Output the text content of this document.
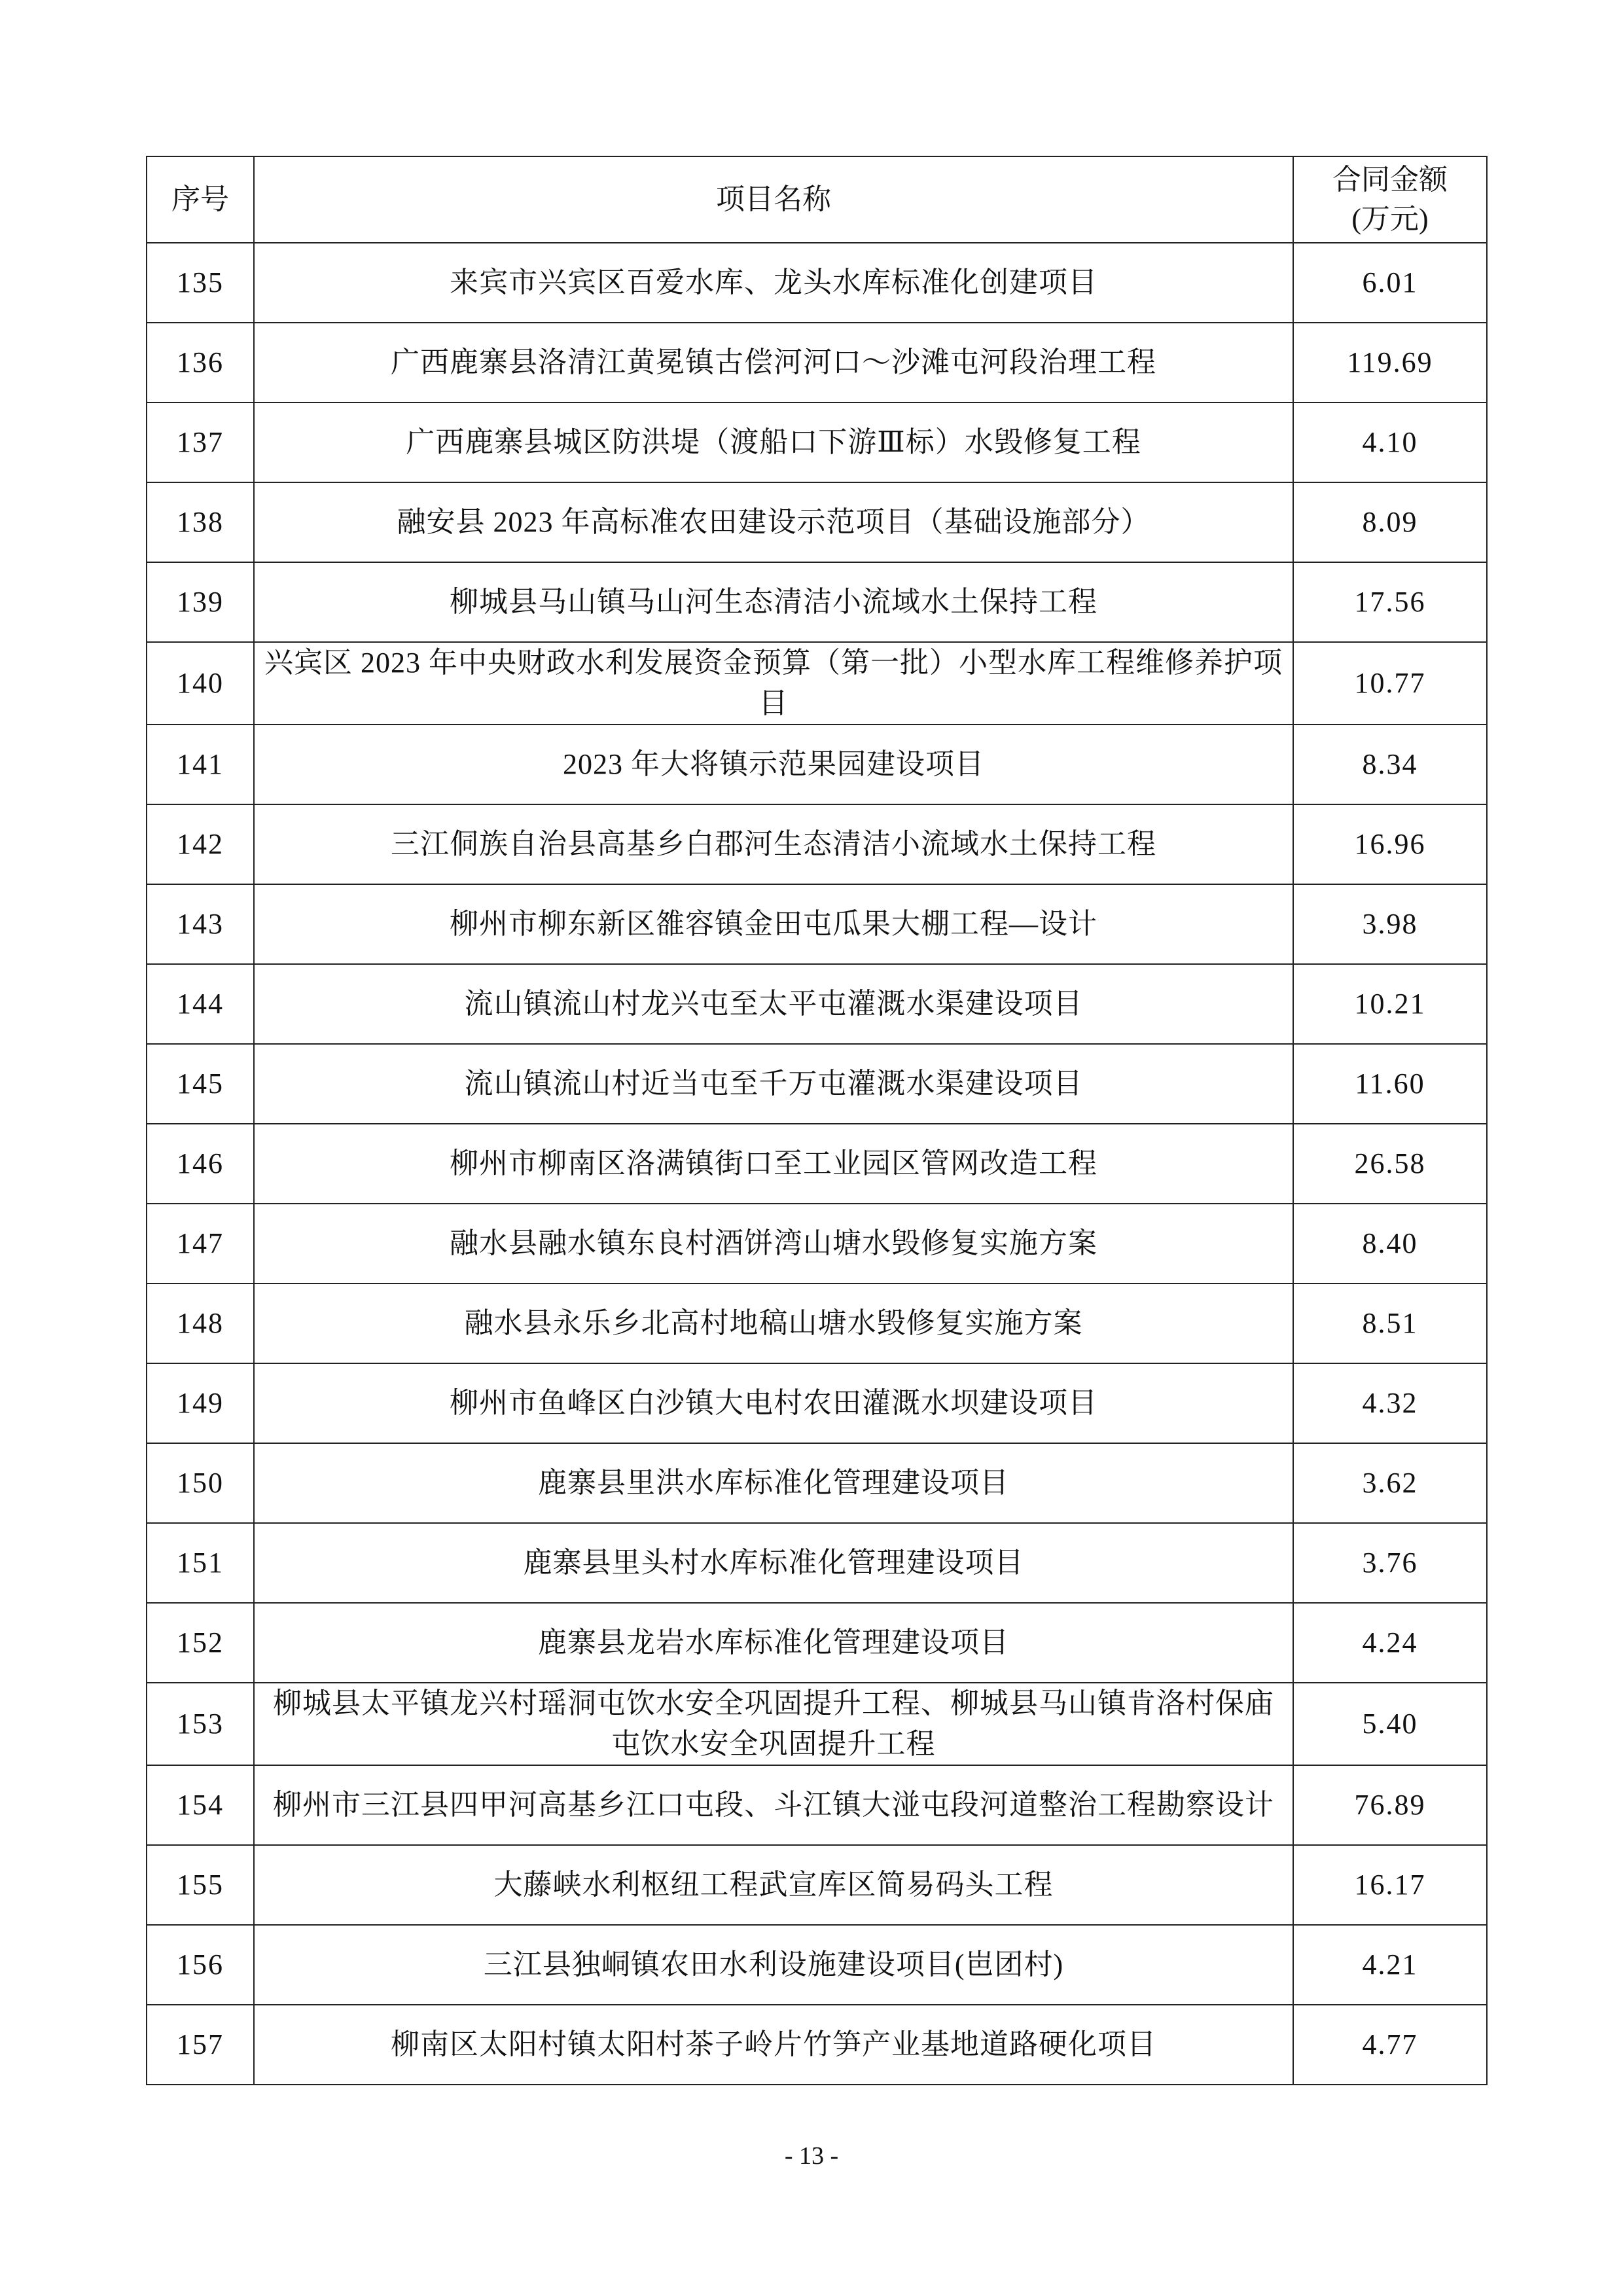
序号	项目名称	合同金额
(万元)

135	来宾市兴宾区百爱水库、龙头水库标准化创建项目	6.01
136	广西鹿寨县洛清江黄冕镇古偿河河口～沙滩屯河段治理工程	119.69
137	广西鹿寨县城区防洪堤（渡船口下游Ⅲ标）水毁修复工程	4.10
138	融安县 2023 年高标准农田建设示范项目（基础设施部分）	8.09
139	柳城县马山镇马山河生态清洁小流域水土保持工程	17.56
140	兴宾区 2023 年中央财政水利发展资金预算（第一批）小型水库工程维修养护项目	10.77
141	2023 年大将镇示范果园建设项目	8.34
142	三江侗族自治县高基乡白郡河生态清洁小流域水土保持工程	16.96
143	柳州市柳东新区雒容镇金田屯瓜果大棚工程—设计	3.98
144	流山镇流山村龙兴屯至太平屯灌溉水渠建设项目	10.21
145	流山镇流山村近当屯至千万屯灌溉水渠建设项目	11.60
146	柳州市柳南区洛满镇街口至工业园区管网改造工程	26.58
147	融水县融水镇东良村酒饼湾山塘水毁修复实施方案	8.40
148	融水县永乐乡北高村地稿山塘水毁修复实施方案	8.51
149	柳州市鱼峰区白沙镇大电村农田灌溉水坝建设项目	4.32
150	鹿寨县里洪水库标准化管理建设项目	3.62
151	鹿寨县里头村水库标准化管理建设项目	3.76
152	鹿寨县龙岩水库标准化管理建设项目	4.24
153	柳城县太平镇龙兴村瑶洞屯饮水安全巩固提升工程、柳城县马山镇肯洛村保庙屯饮水安全巩固提升工程	5.40
154	柳州市三江县四甲河高基乡江口屯段、斗江镇大湴屯段河道整治工程勘察设计	76.89
155	大藤峡水利枢纽工程武宣库区简易码头工程	16.17
156	三江县独峒镇农田水利设施建设项目(岜团村)	4.21
157	柳南区太阳村镇太阳村茶子岭片竹笋产业基地道路硬化项目	4.77
- 13 -
